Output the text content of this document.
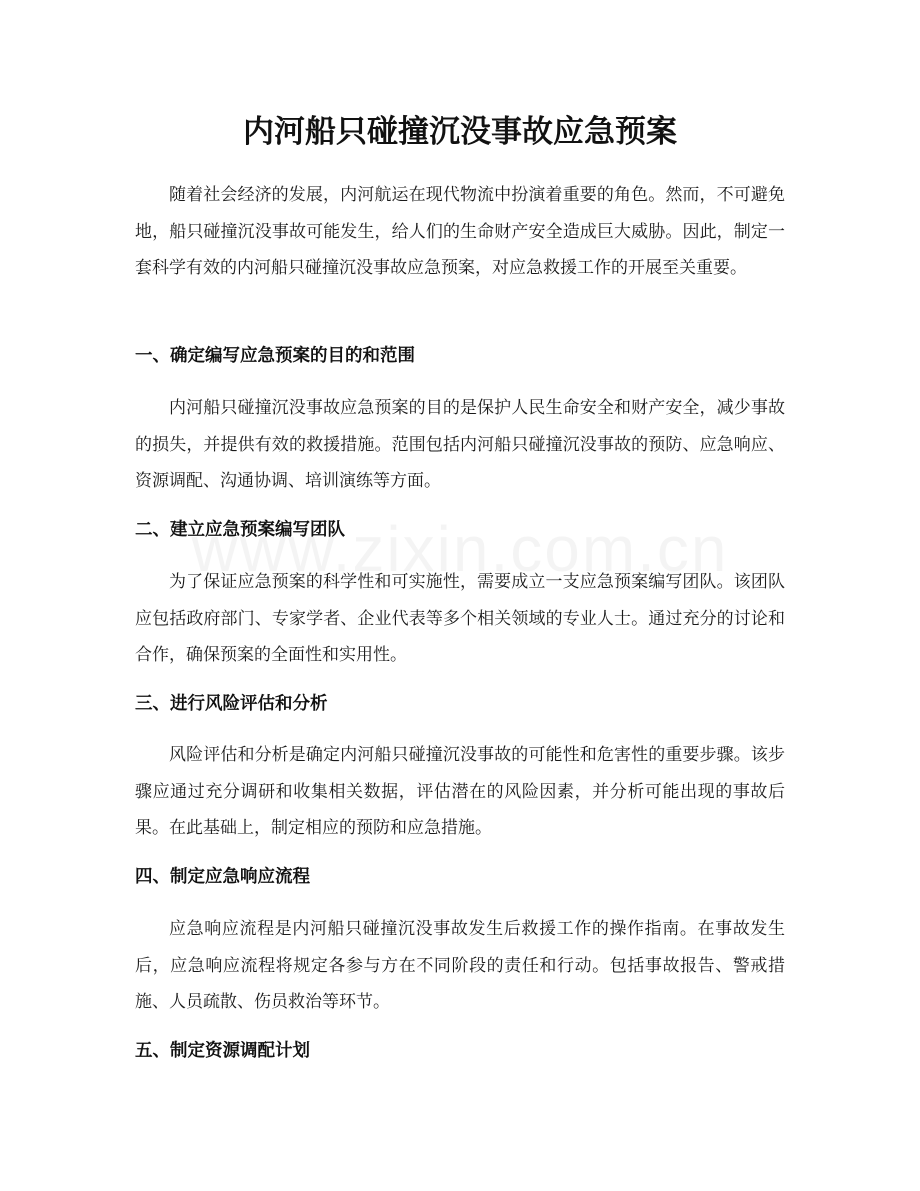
内河船只碰撞沉没事故应急预案

随着社会经济的发展，内河航运在现代物流中扮演着重要的角色。然而，不可避免地，船只碰撞沉没事故可能发生，给人们的生命财产安全造成巨大威胁。因此，制定一套科学有效的内河船只碰撞沉没事故应急预案，对应急救援工作的开展至关重要。

一、确定编写应急预案的目的和范围

内河船只碰撞沉没事故应急预案的目的是保护人民生命安全和财产安全，减少事故的损失，并提供有效的救援措施。范围包括内河船只碰撞沉没事故的预防、应急响应、资源调配、沟通协调、培训演练等方面。

二、建立应急预案编写团队

为了保证应急预案的科学性和可实施性，需要成立一支应急预案编写团队。该团队应包括政府部门、专家学者、企业代表等多个相关领域的专业人士。通过充分的讨论和合作，确保预案的全面性和实用性。

三、进行风险评估和分析

风险评估和分析是确定内河船只碰撞沉没事故的可能性和危害性的重要步骤。该步骤应通过充分调研和收集相关数据，评估潜在的风险因素，并分析可能出现的事故后果。在此基础上，制定相应的预防和应急措施。

四、制定应急响应流程

应急响应流程是内河船只碰撞沉没事故发生后救援工作的操作指南。在事故发生后，应急响应流程将规定各参与方在不同阶段的责任和行动。包括事故报告、警戒措施、人员疏散、伤员救治等环节。

五、制定资源调配计划
